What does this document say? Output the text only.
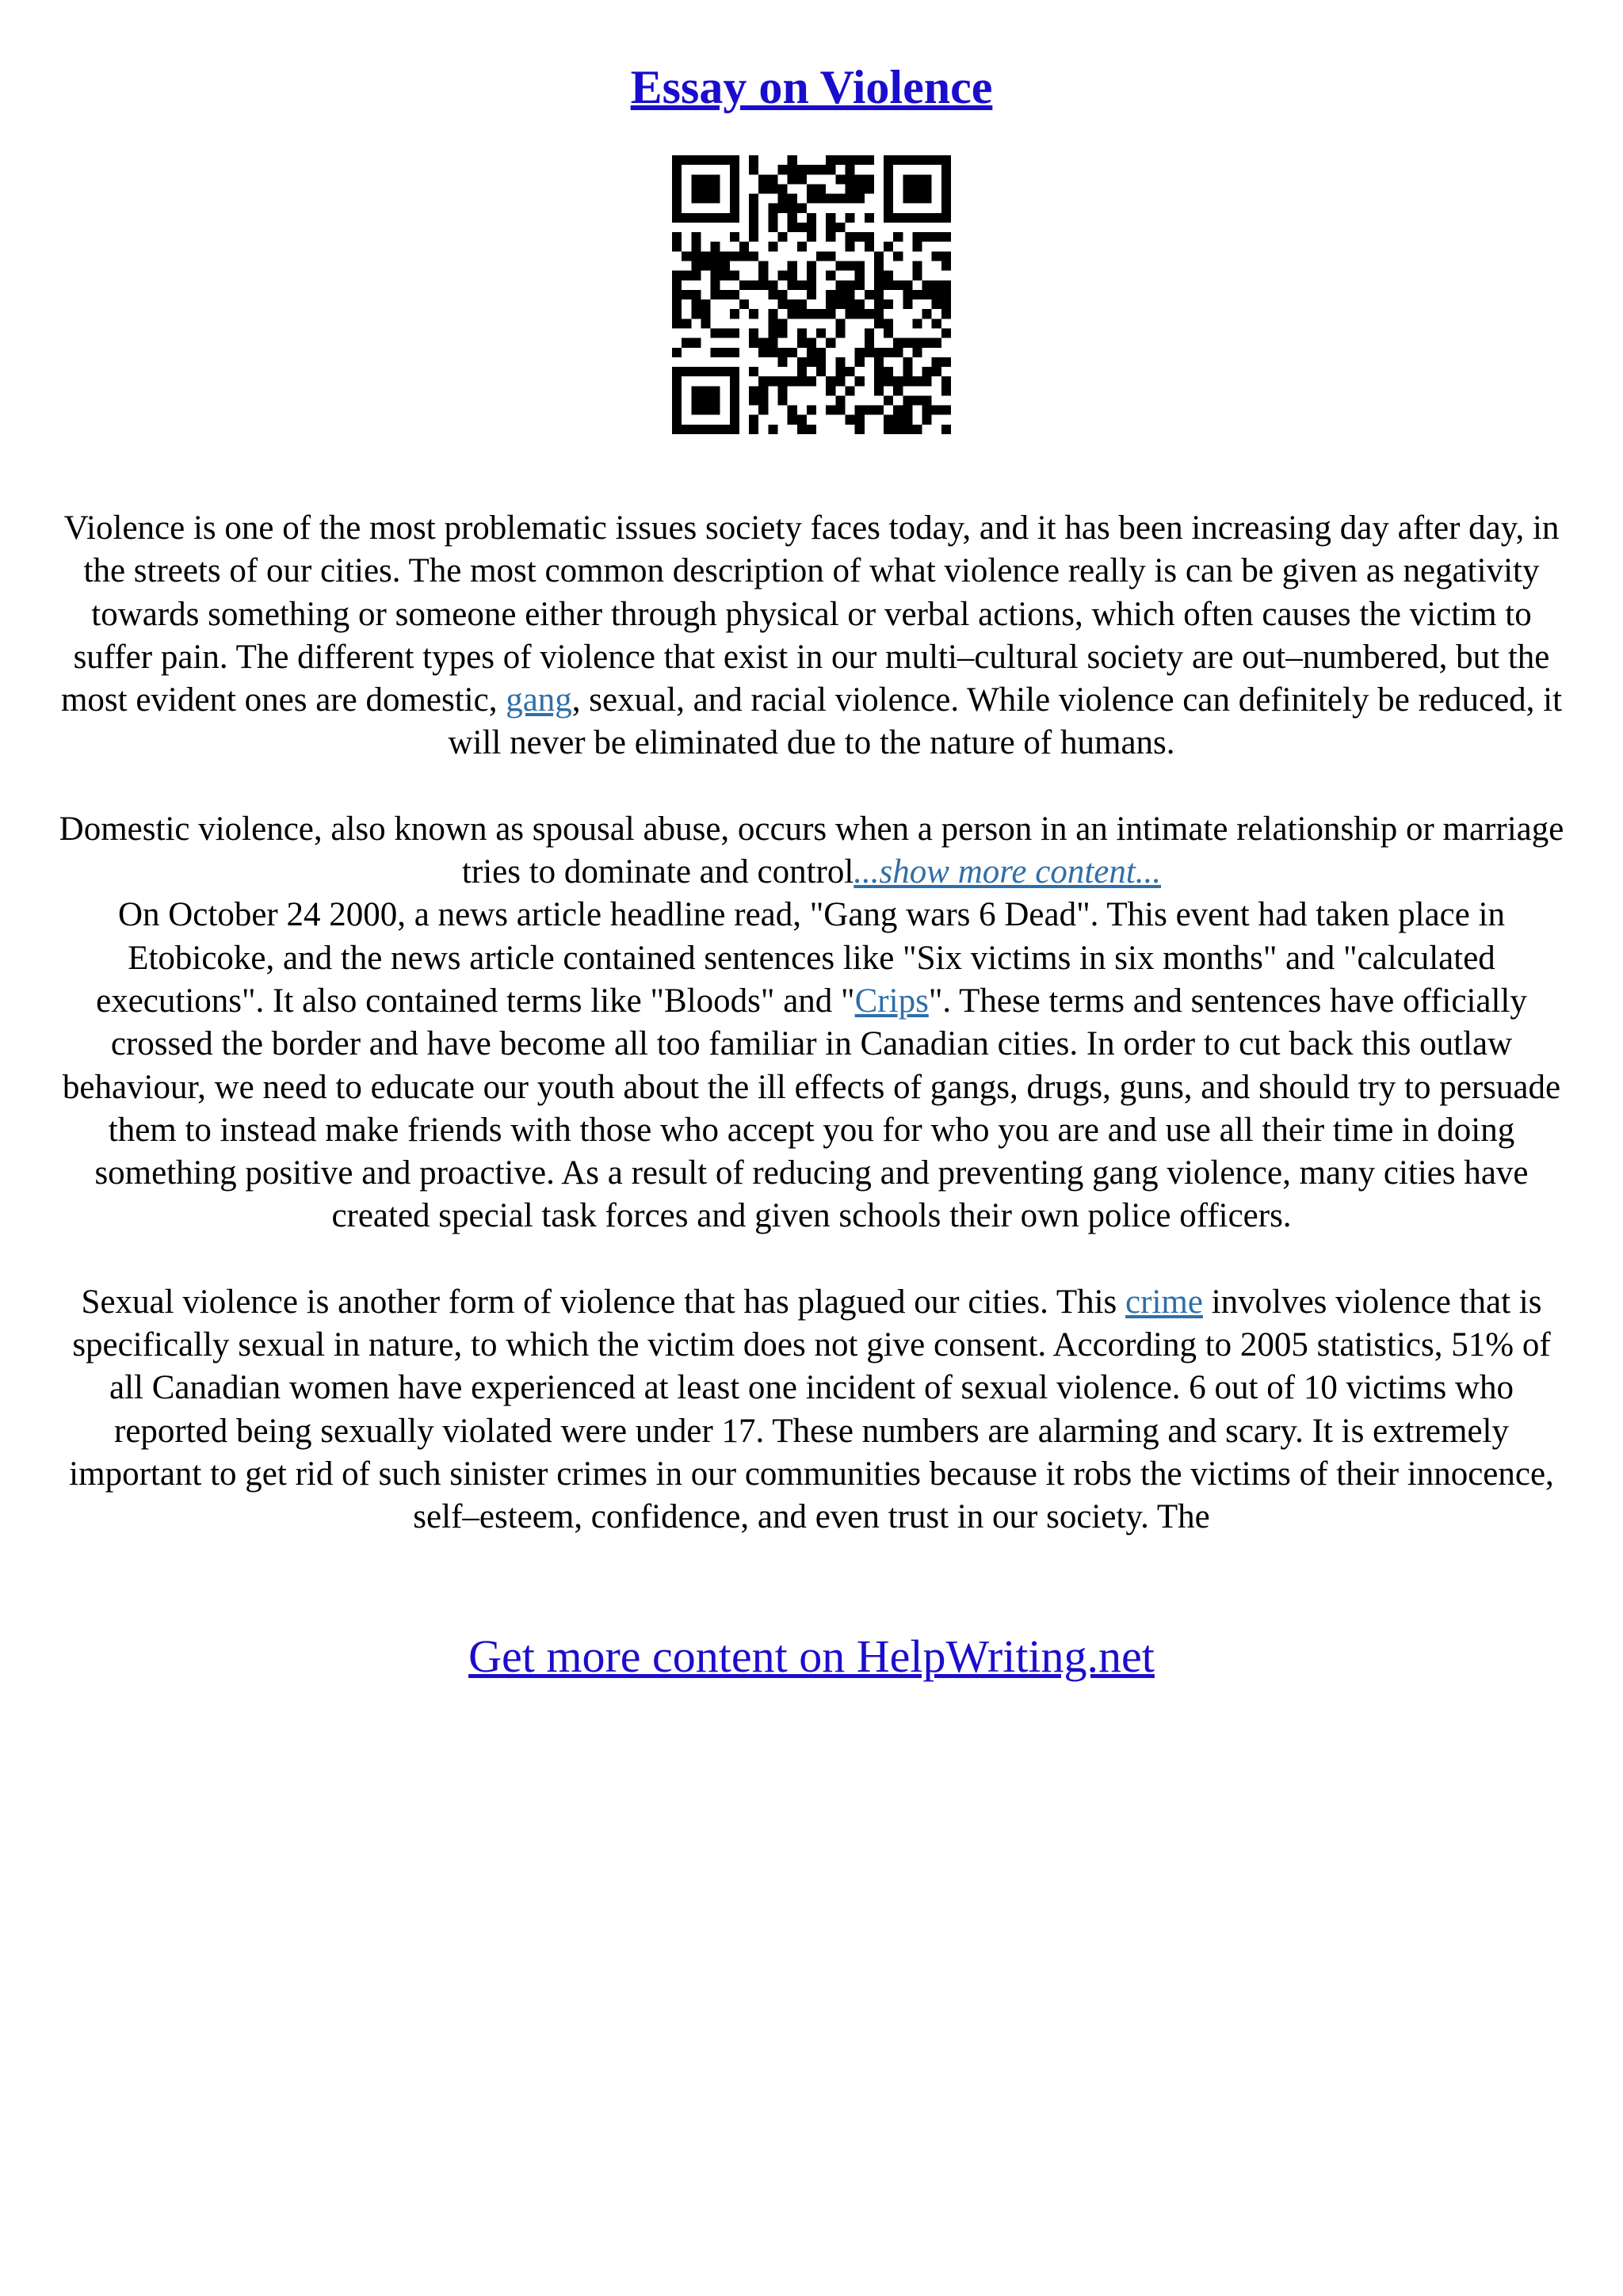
Essay on Violence

Violence is one of the most problematic issues society faces today, and it has been increasing day after day, in the streets of our cities. The most common description of what violence really is can be given as negativity towards something or someone either through physical or verbal actions, which often causes the victim to suffer pain. The different types of violence that exist in our multi–cultural society are out–numbered, but the most evident ones are domestic, gang, sexual, and racial violence. While violence can definitely be reduced, it will never be eliminated due to the nature of humans.

Domestic violence, also known as spousal abuse, occurs when a person in an intimate relationship or marriage tries to dominate and control...show more content...

On October 24 2000, a news article headline read, "Gang wars 6 Dead". This event had taken place in Etobicoke, and the news article contained sentences like "Six victims in six months" and "calculated executions". It also contained terms like "Bloods" and "Crips". These terms and sentences have officially crossed the border and have become all too familiar in Canadian cities. In order to cut back this outlaw behaviour, we need to educate our youth about the ill effects of gangs, drugs, guns, and should try to persuade them to instead make friends with those who accept you for who you are and use all their time in doing something positive and proactive. As a result of reducing and preventing gang violence, many cities have created special task forces and given schools their own police officers.

Sexual violence is another form of violence that has plagued our cities. This crime involves violence that is specifically sexual in nature, to which the victim does not give consent. According to 2005 statistics, 51% of all Canadian women have experienced at least one incident of sexual violence. 6 out of 10 victims who reported being sexually violated were under 17. These numbers are alarming and scary. It is extremely important to get rid of such sinister crimes in our communities because it robs the victims of their innocence, self–esteem, confidence, and even trust in our society. The

Get more content on HelpWriting.net
